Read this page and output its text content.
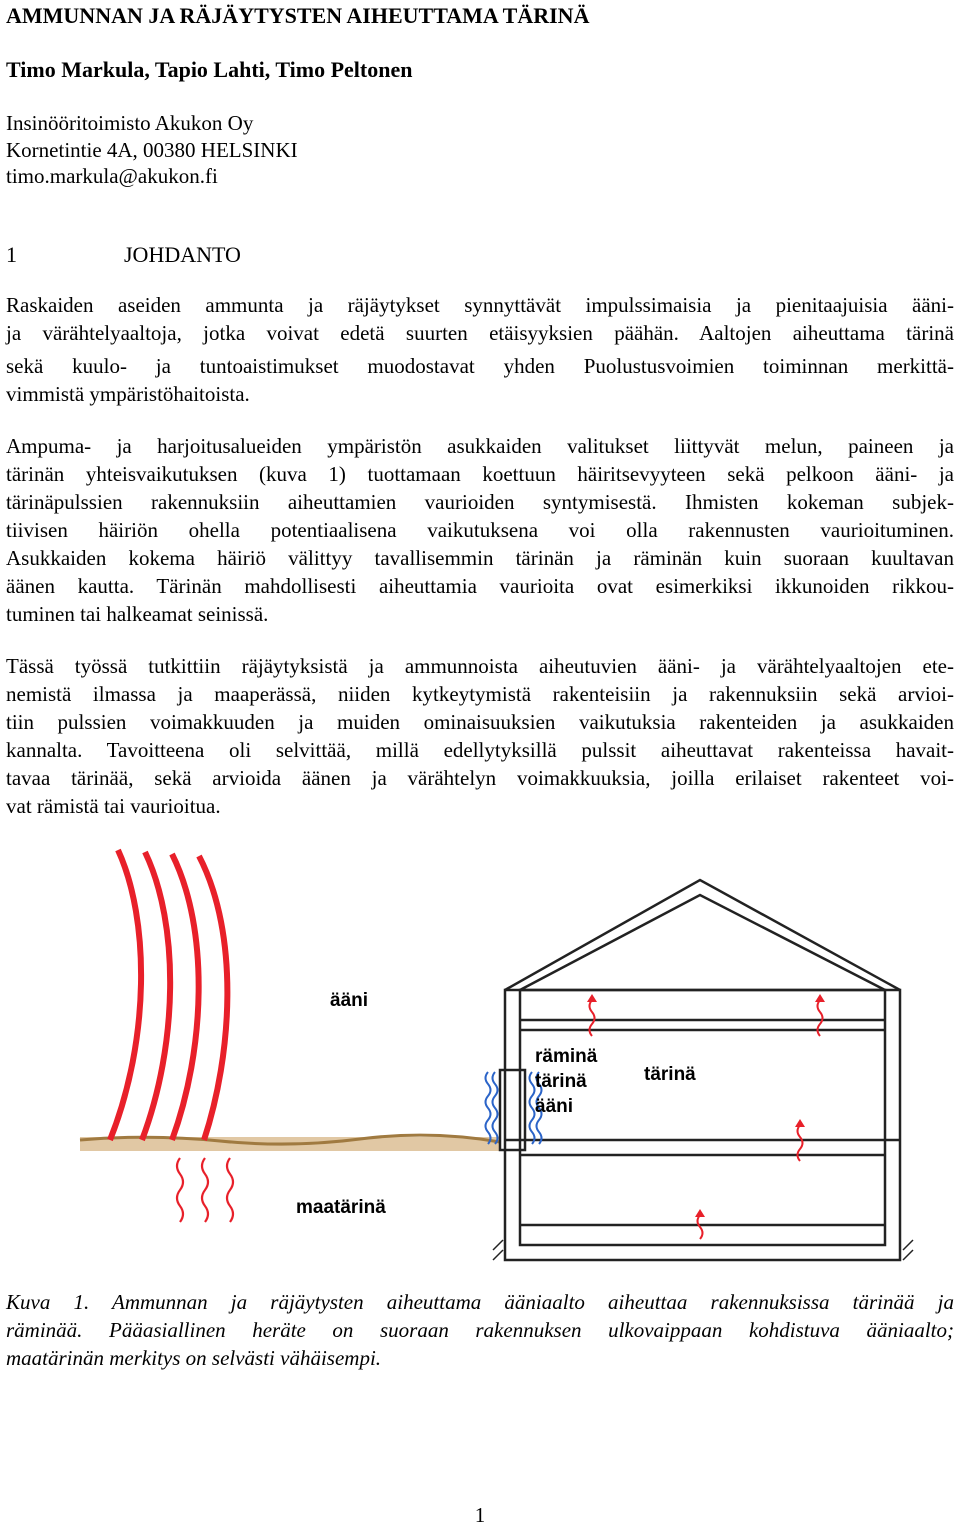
AMMUNNAN JA RÄJÄYTYSTEN AIHEUTTAMA TÄRINÄ
Timo Markula, Tapio Lahti, Timo Peltonen
Insinööritoimisto Akukon Oy
Kornetintie 4A, 00380 HELSINKI
timo.markula@akukon.fi
1	JOHDANTO
Raskaiden aseiden ammunta ja räjäytykset synnyttävät impulssimaisia ja pienitaajuisia ääni-
ja värähtelyaaltoja, jotka voivat edetä suurten etäisyyksien päähän. Aaltojen aiheuttama tärinä
sekä kuulo- ja tuntoaistimukset muodostavat yhden Puolustusvoimien toiminnan merkittä-
vimmistä ympäristöhaitoista.
Ampuma- ja harjoitusalueiden ympäristön asukkaiden valitukset liittyvät melun, paineen ja
tärinän yhteisvaikutuksen (kuva 1) tuottamaan koettuun häiritsevyyteen sekä pelkoon ääni- ja
tärinäpulssien rakennuksiin aiheuttamien vaurioiden syntymisestä. Ihmisten kokeman subjek-
tiivisen häiriön ohella potentiaalisena vaikutuksena voi olla rakennusten vaurioituminen.
Asukkaiden kokema häiriö välittyy tavallisemmin tärinän ja räminän kuin suoraan kuultavan
äänen kautta. Tärinän mahdollisesti aiheuttamia vaurioita ovat esimerkiksi ikkunoiden rikkou-
tuminen tai halkeamat seinissä.
Tässä työssä tutkittiin räjäytyksistä ja ammunnoista aiheutuvien ääni- ja värähtelyaaltojen ete-
nemistä ilmassa ja maaperässä, niiden kytkeytymistä rakenteisiin ja rakennuksiin sekä arvioi-
tiin pulssien voimakkuuden ja muiden ominaisuuksien vaikutuksia rakenteiden ja asukkaiden
kannalta. Tavoitteena oli selvittää, millä edellytyksillä pulssit aiheuttavat rakenteissa havait-
tavaa tärinää, sekä arvioida äänen ja värähtelyn voimakkuuksia, joilla erilaiset rakenteet voi-
vat rämistä tai vaurioitua.
ääni
räminä
tärinä
ääni
tärinä
maatärinä
Kuva 1. Ammunnan ja räjäytysten aiheuttama ääniaalto aiheuttaa rakennuksissa tärinää ja
räminää. Pääasiallinen heräte on suoraan rakennuksen ulkovaippaan kohdistuva ääniaalto;
maatärinän merkitys on selvästi vähäisempi.
1
